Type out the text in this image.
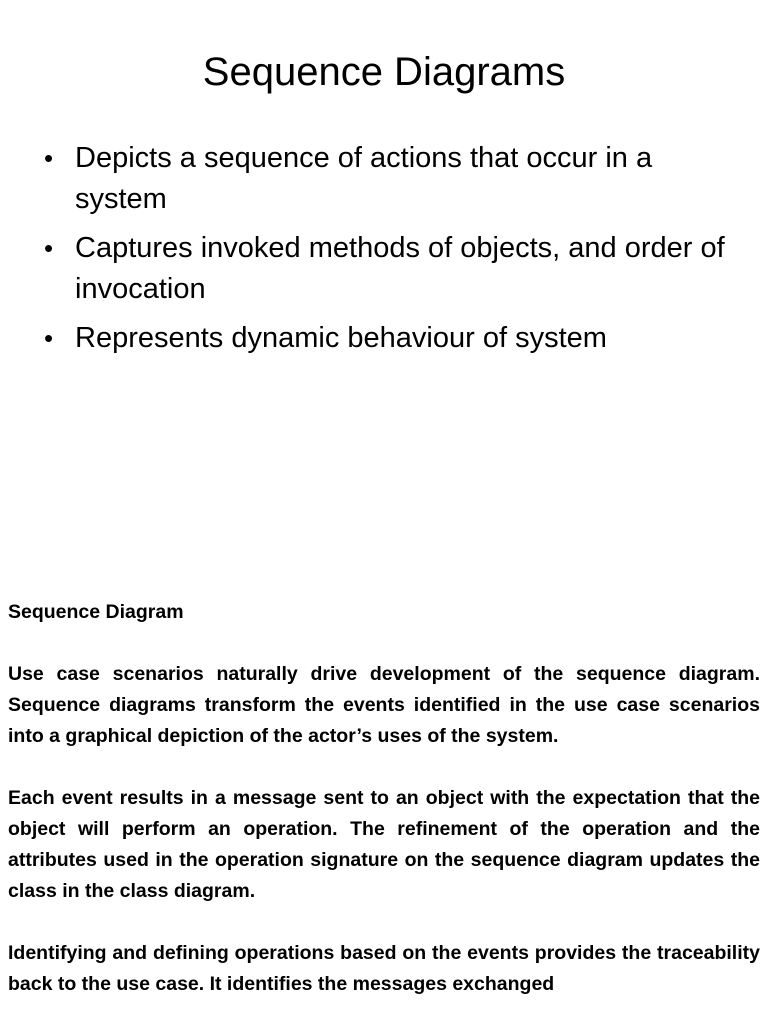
Sequence Diagrams
• Depicts a sequence of actions that occur in a system
• Captures invoked methods of objects, and order of invocation
• Represents dynamic behaviour of system

Sequence Diagram

Use case scenarios naturally drive development of the sequence diagram. Sequence diagrams transform the events identified in the use case scenarios into a graphical depiction of the actor’s uses of the system.

Each event results in a message sent to an object with the expectation that the object will perform an operation. The refinement of the operation and the attributes used in the operation signature on the sequence diagram updates the class in the class diagram.

Identifying and defining operations based on the events provides the traceability back to the use case. It identifies the messages exchanged
